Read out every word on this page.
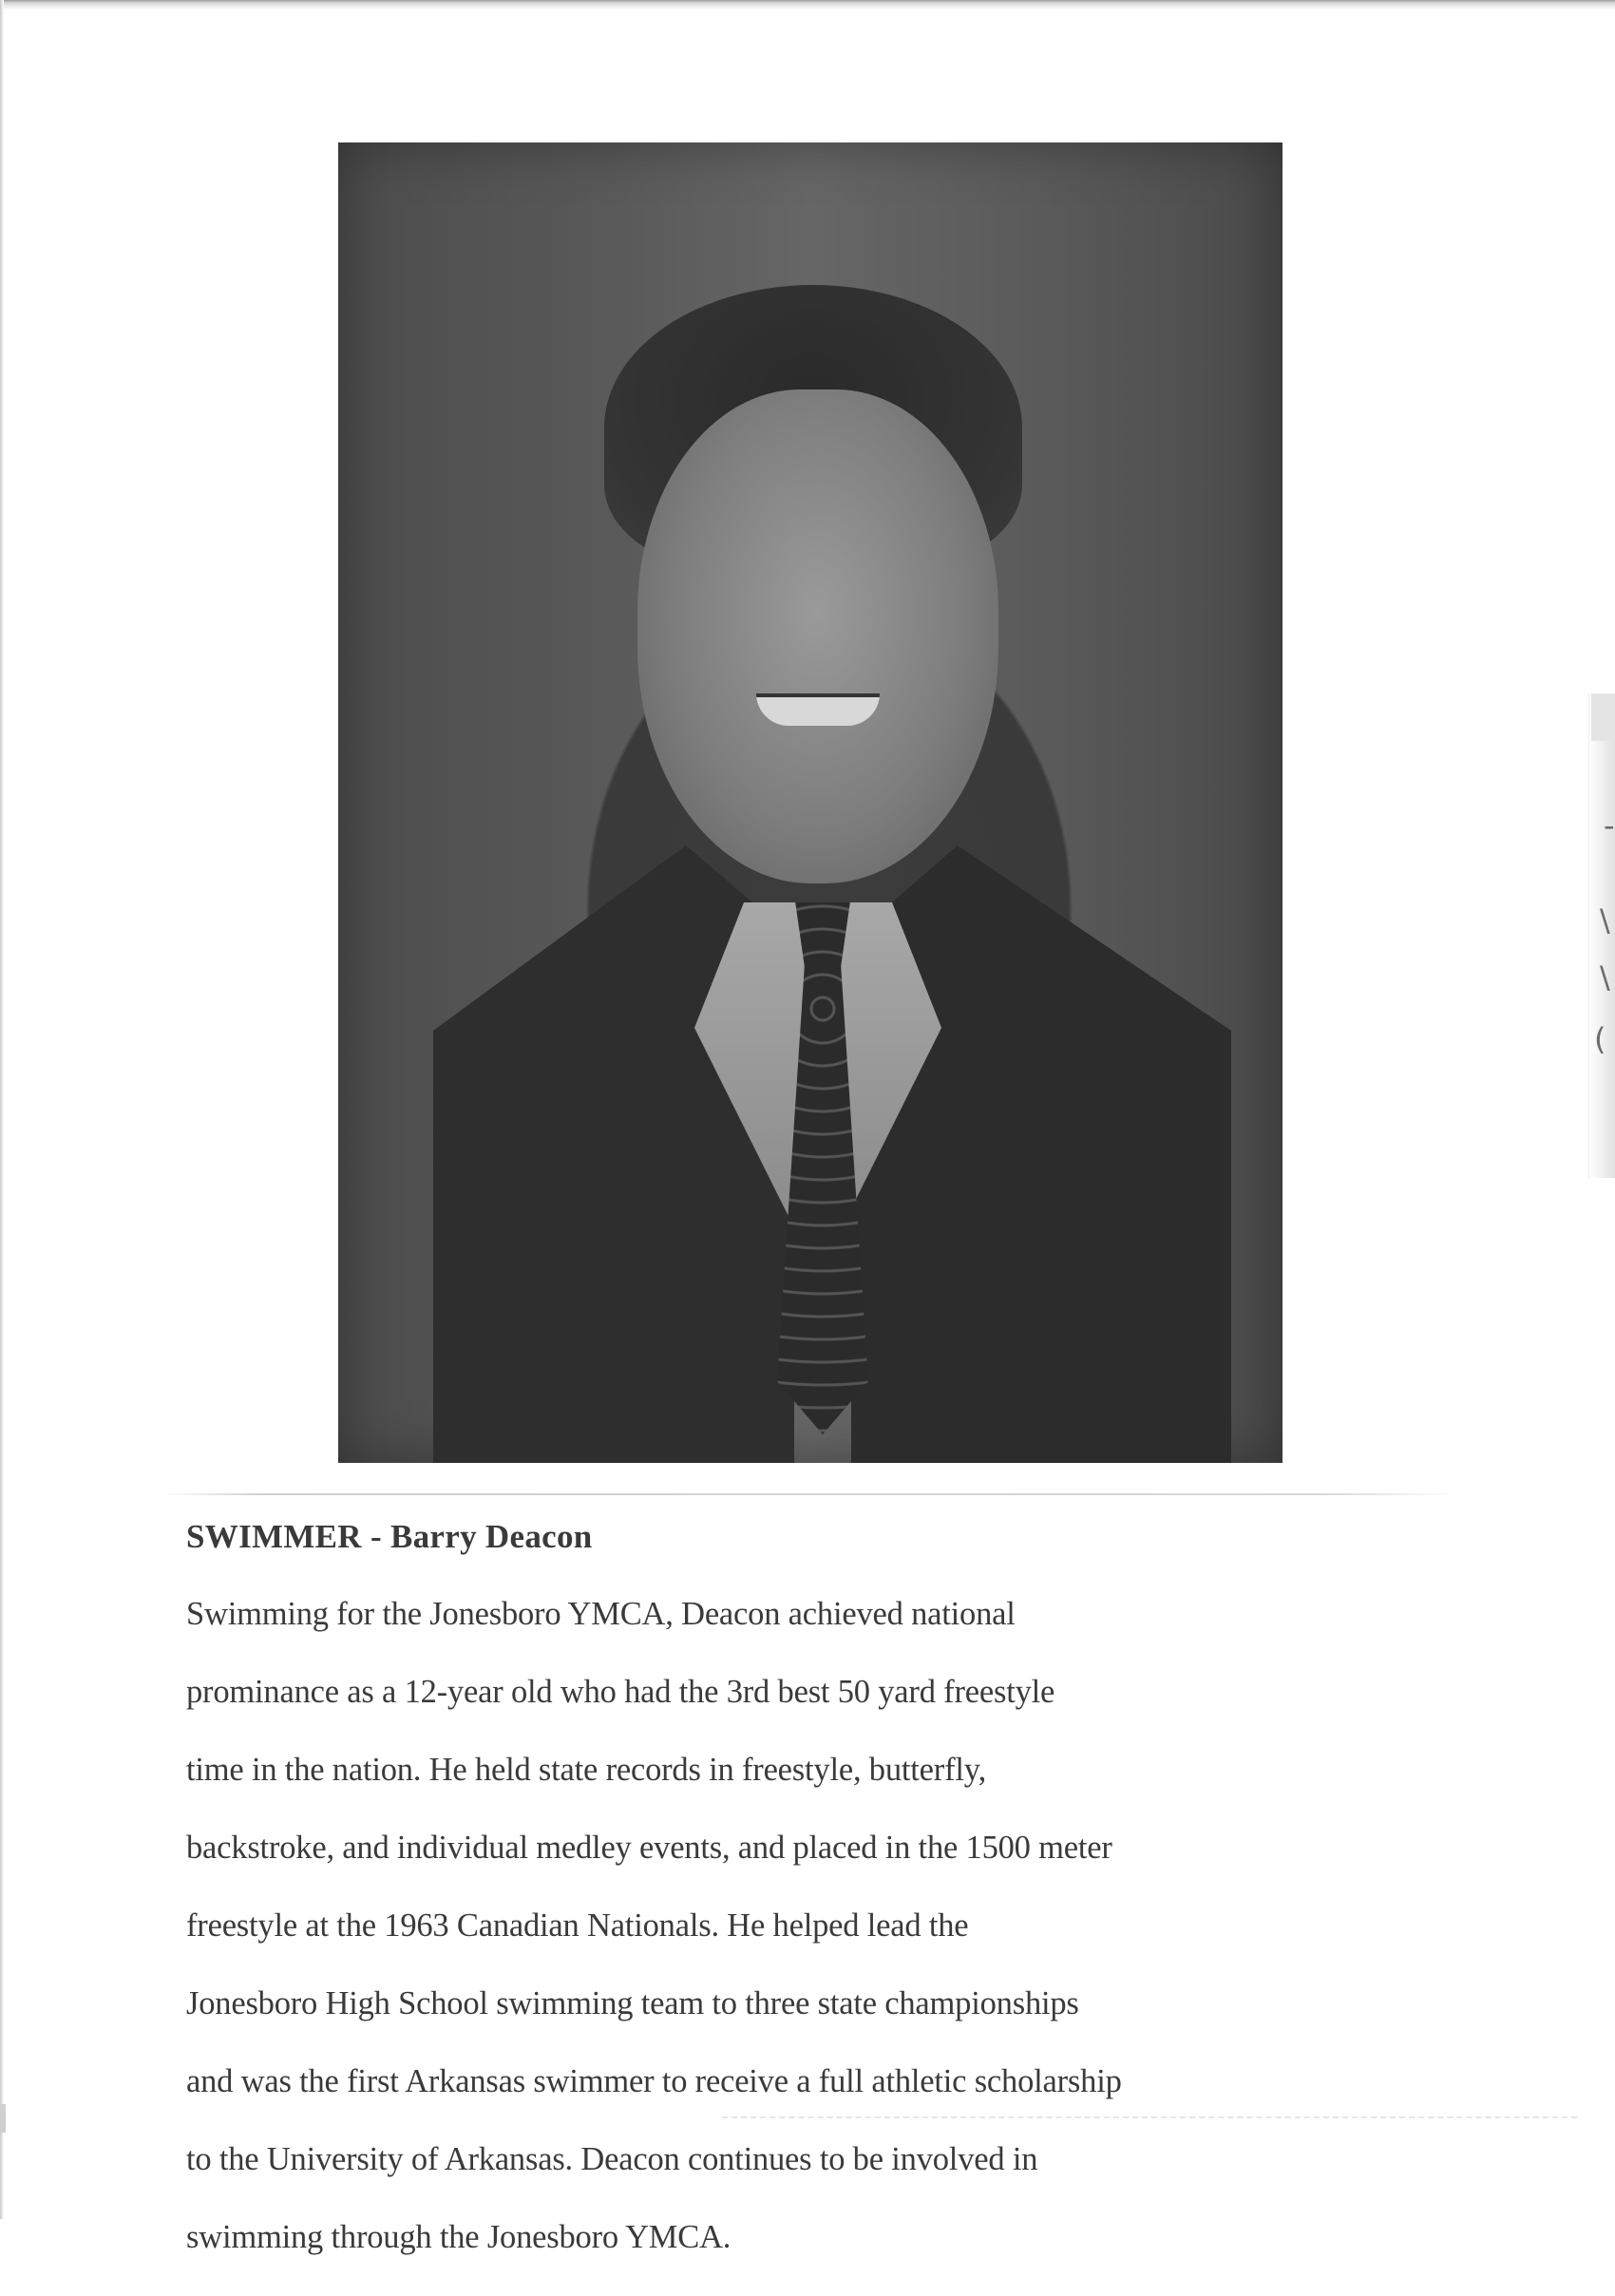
SWIMMER - Barry Deacon

Swimming for the Jonesboro YMCA, Deacon achieved national

prominance as a 12-year old who had the 3rd best 50 yard freestyle

time in the nation. He held state records in freestyle, butterfly,

backstroke, and individual medley events, and placed in the 1500 meter

freestyle at the 1963 Canadian Nationals. He helped lead the

Jonesboro High School swimming team to three state championships

and was the first Arkansas swimmer to receive a full athletic scholarship

to the University of Arkansas. Deacon continues to be involved in

swimming through the Jonesboro YMCA.

(
\
\
-
